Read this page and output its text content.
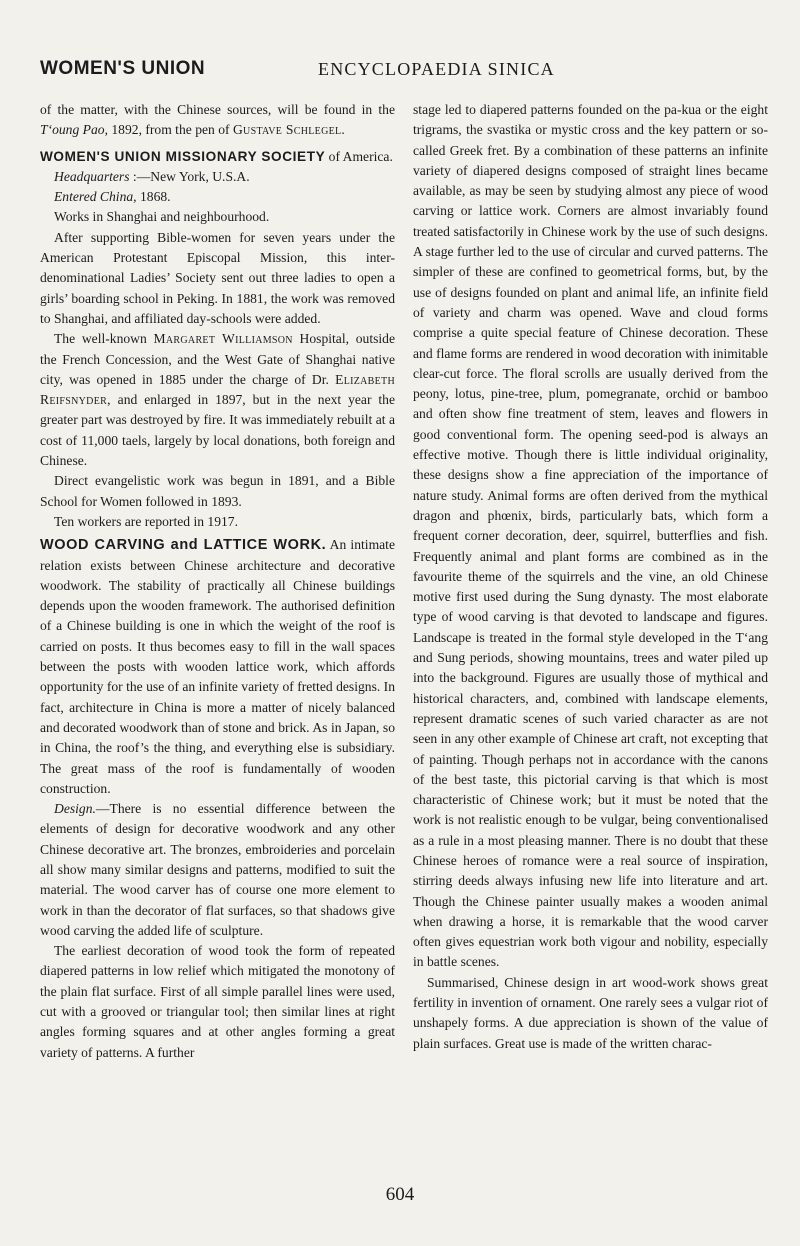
WOMEN'S UNION	ENCYCLOPAEDIA SINICA

of the matter, with the Chinese sources, will be found in the T‘oung Pao, 1892, from the pen of Gustave Schlegel.

WOMEN'S UNION MISSIONARY SOCIETY of America.

Headquarters :—New York, U.S.A.

Entered China, 1868.

Works in Shanghai and neighbourhood.

After supporting Bible-women for seven years under the American Protestant Episcopal Mission, this inter-denominational Ladies’ Society sent out three ladies to open a girls’ boarding school in Peking. In 1881, the work was removed to Shanghai, and affiliated day-schools were added.

The well-known Margaret Williamson Hospital, outside the French Concession, and the West Gate of Shanghai native city, was opened in 1885 under the charge of Dr. Elizabeth Reifsnyder, and enlarged in 1897, but in the next year the greater part was destroyed by fire. It was immediately rebuilt at a cost of 11,000 taels, largely by local donations, both foreign and Chinese.

Direct evangelistic work was begun in 1891, and a Bible School for Women followed in 1893.

Ten workers are reported in 1917.

WOOD CARVING and LATTICE WORK. An intimate relation exists between Chinese architecture and decorative woodwork. The stability of practically all Chinese buildings depends upon the wooden framework. The authorised definition of a Chinese building is one in which the weight of the roof is carried on posts. It thus becomes easy to fill in the wall spaces between the posts with wooden lattice work, which affords opportunity for the use of an infinite variety of fretted designs. In fact, architecture in China is more a matter of nicely balanced and decorated woodwork than of stone and brick. As in Japan, so in China, the roof’s the thing, and everything else is subsidiary. The great mass of the roof is fundamentally of wooden construction.

Design.—There is no essential difference between the elements of design for decorative woodwork and any other Chinese decorative art. The bronzes, embroideries and porcelain all show many similar designs and patterns, modified to suit the material. The wood carver has of course one more element to work in than the decorator of flat surfaces, so that shadows give wood carving the added life of sculpture.

The earliest decoration of wood took the form of repeated diapered patterns in low relief which mitigated the monotony of the plain flat surface. First of all simple parallel lines were used, cut with a grooved or triangular tool; then similar lines at right angles forming squares and at other angles forming a great variety of patterns. A further

stage led to diapered patterns founded on the pa-kua or the eight trigrams, the svastika or mystic cross and the key pattern or so-called Greek fret. By a combination of these patterns an infinite variety of diapered designs composed of straight lines became available, as may be seen by studying almost any piece of wood carving or lattice work. Corners are almost invariably found treated satisfactorily in Chinese work by the use of such designs. A stage further led to the use of circular and curved patterns. The simpler of these are confined to geometrical forms, but, by the use of designs founded on plant and animal life, an infinite field of variety and charm was opened. Wave and cloud forms comprise a quite special feature of Chinese decoration. These and flame forms are rendered in wood decoration with inimitable clear-cut force. The floral scrolls are usually derived from the peony, lotus, pine-tree, plum, pomegranate, orchid or bamboo and often show fine treatment of stem, leaves and flowers in good conventional form. The opening seed-pod is always an effective motive. Though there is little individual originality, these designs show a fine appreciation of the importance of nature study. Animal forms are often derived from the mythical dragon and phœnix, birds, particularly bats, which form a frequent corner decoration, deer, squirrel, butterflies and fish. Frequently animal and plant forms are combined as in the favourite theme of the squirrels and the vine, an old Chinese motive first used during the Sung dynasty. The most elaborate type of wood carving is that devoted to landscape and figures. Landscape is treated in the formal style developed in the T‘ang and Sung periods, showing mountains, trees and water piled up into the background. Figures are usually those of mythical and historical characters, and, combined with landscape elements, represent dramatic scenes of such varied character as are not seen in any other example of Chinese art craft, not excepting that of painting. Though perhaps not in accordance with the canons of the best taste, this pictorial carving is that which is most characteristic of Chinese work; but it must be noted that the work is not realistic enough to be vulgar, being conventionalised as a rule in a most pleasing manner. There is no doubt that these Chinese heroes of romance were a real source of inspiration, stirring deeds always infusing new life into literature and art. Though the Chinese painter usually makes a wooden animal when drawing a horse, it is remarkable that the wood carver often gives equestrian work both vigour and nobility, especially in battle scenes.

Summarised, Chinese design in art wood-work shows great fertility in invention of ornament. One rarely sees a vulgar riot of unshapely forms. A due appreciation is shown of the value of plain surfaces. Great use is made of the written charac-

604
